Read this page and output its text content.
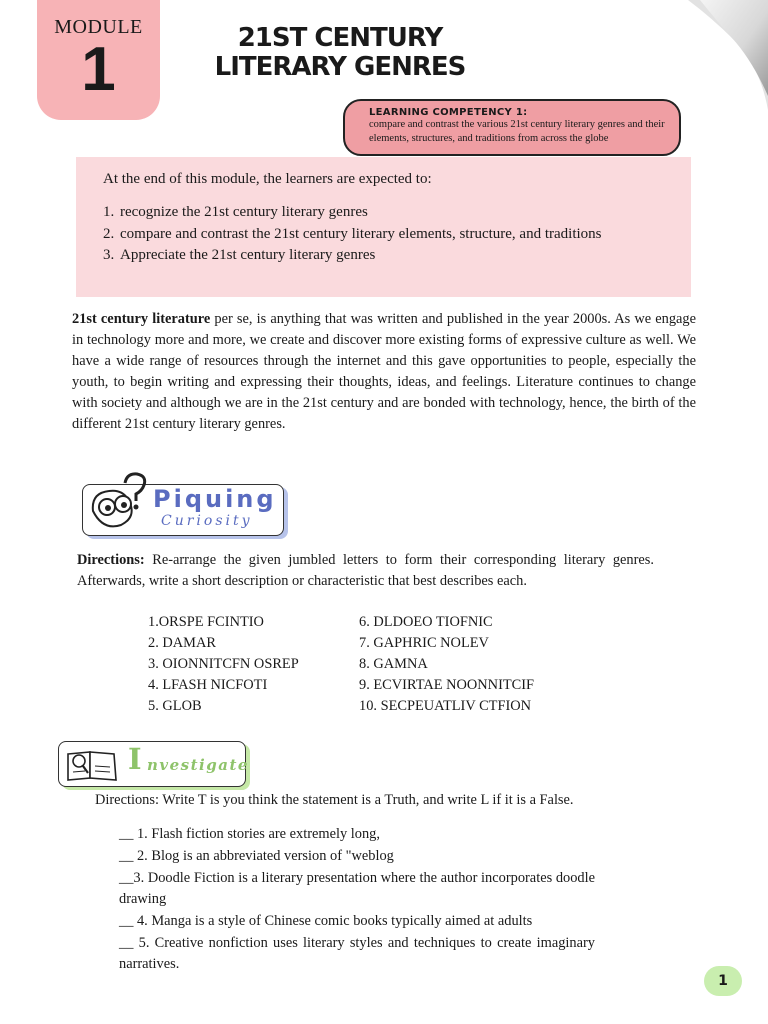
MODULE
1	21ST CENTURY
LITERARY GENRES
LEARNING COMPETENCY 1:
compare and contrast the various 21st century literary genres and their elements, structures, and traditions from across the globe
At the end of this module, the learners are expected to:
1. recognize the 21st century literary genres
2. compare and contrast the 21st century literary elements, structure, and traditions
3. Appreciate the 21st century literary genres

21st century literature per se, is anything that was written and published in the year 2000s. As we engage in technology more and more, we create and discover more existing forms of expressive culture as well. We have a wide range of resources through the internet and this gave opportunities to people, especially the youth, to begin writing and expressing their thoughts, ideas, and feelings. Literature continues to change with society and although we are in the 21st century and are bonded with technology, hence, the birth of the different 21st century literary genres.

Piquing
Curiosity

Directions: Re-arrange the given jumbled letters to form their corresponding literary genres. Afterwards, write a short description or characteristic that best describes each.

1.ORSPE FCINTIO
2. DAMAR
3. OIONNITCFN OSREP
4. LFASH NICFOTI
5. GLOB
6. DLDOEO TIOFNIC
7. GAPHRIC NOLEV
8. GAMNA
9. ECVIRTAE NOONNITCIF
10. SECPEUATLIV CTFION
I nvestigate
Directions: Write T is you think the statement is a Truth, and write L if it is a False.

__ 1. Flash fiction stories are extremely long,

__ 2. Blog is an abbreviated version of "weblog

__3. Doodle Fiction is a literary presentation where the author incorporates doodle drawing

__ 4. Manga is a style of Chinese comic books typically aimed at adults

__ 5. Creative nonfiction uses literary styles and techniques to create imaginary narratives.

1
